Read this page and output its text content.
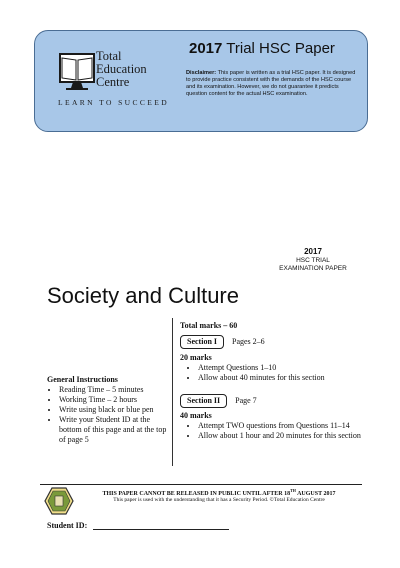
Total
Education
Centre
LEARN TO SUCCEED
2017 Trial HSC Paper
Disclaimer: This paper is written as a trial HSC paper. It is designed to provide practice consistent with the demands of the HSC course and its examination. However, we do not guarantee it predicts question content for the actual HSC examination.
2017
HSC TRIAL
EXAMINATION PAPER
Society and Culture
General Instructions
• Reading Time – 5 minutes
• Working Time – 2 hours
• Write using black or blue pen
• Write your Student ID at the bottom of this page and at the top of page 5
Total marks – 60
Section I Pages 2–6
20 marks
• Attempt Questions 1–10
• Allow about 40 minutes for this section
Section II Page 7
40 marks
• Attempt TWO questions from Questions 11–14
• Allow about 1 hour and 20 minutes for this section
THIS PAPER CANNOT BE RELEASED IN PUBLIC UNTIL AFTER 18TH AUGUST 2017
This paper is used with the understanding that it has a Security Period. ©Total Education Centre
Student ID:
